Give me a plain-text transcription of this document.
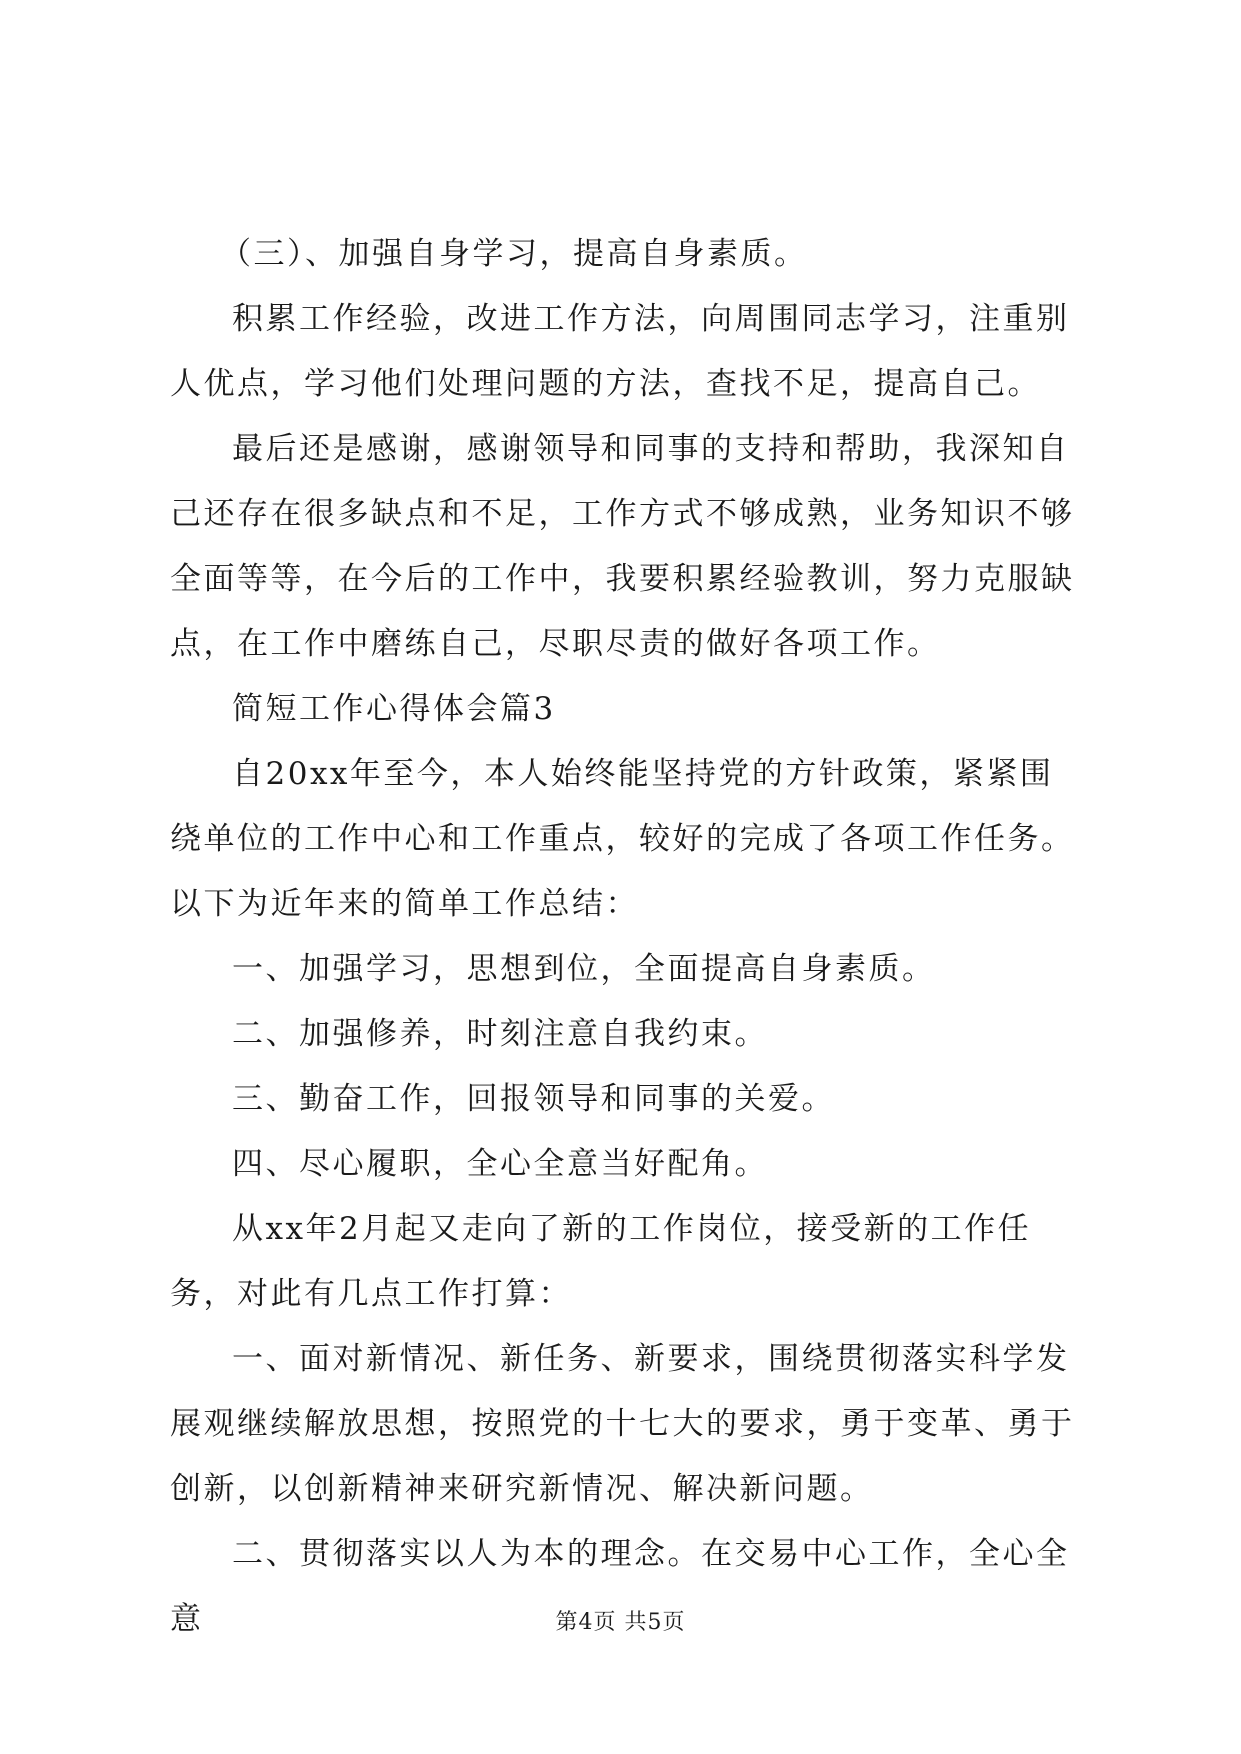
（三）、加强自身学习，提高自身素质。

积累工作经验，改进工作方法，向周围同志学习，注重别人优点，学习他们处理问题的方法，查找不足，提高自己。

最后还是感谢，感谢领导和同事的支持和帮助，我深知自己还存在很多缺点和不足，工作方式不够成熟，业务知识不够全面等等，在今后的工作中，我要积累经验教训，努力克服缺点，在工作中磨练自己，尽职尽责的做好各项工作。

简短工作心得体会篇3

自20xx年至今，本人始终能坚持党的方针政策，紧紧围绕单位的工作中心和工作重点，较好的完成了各项工作任务。以下为近年来的简单工作总结：

一、加强学习，思想到位，全面提高自身素质。

二、加强修养，时刻注意自我约束。

三、勤奋工作，回报领导和同事的关爱。

四、尽心履职，全心全意当好配角。

从xx年2月起又走向了新的工作岗位，接受新的工作任务，对此有几点工作打算：

一、面对新情况、新任务、新要求，围绕贯彻落实科学发展观继续解放思想，按照党的十七大的要求，勇于变革、勇于创新，以创新精神来研究新情况、解决新问题。

二、贯彻落实以人为本的理念。在交易中心工作，全心全意	第4页 共5页
